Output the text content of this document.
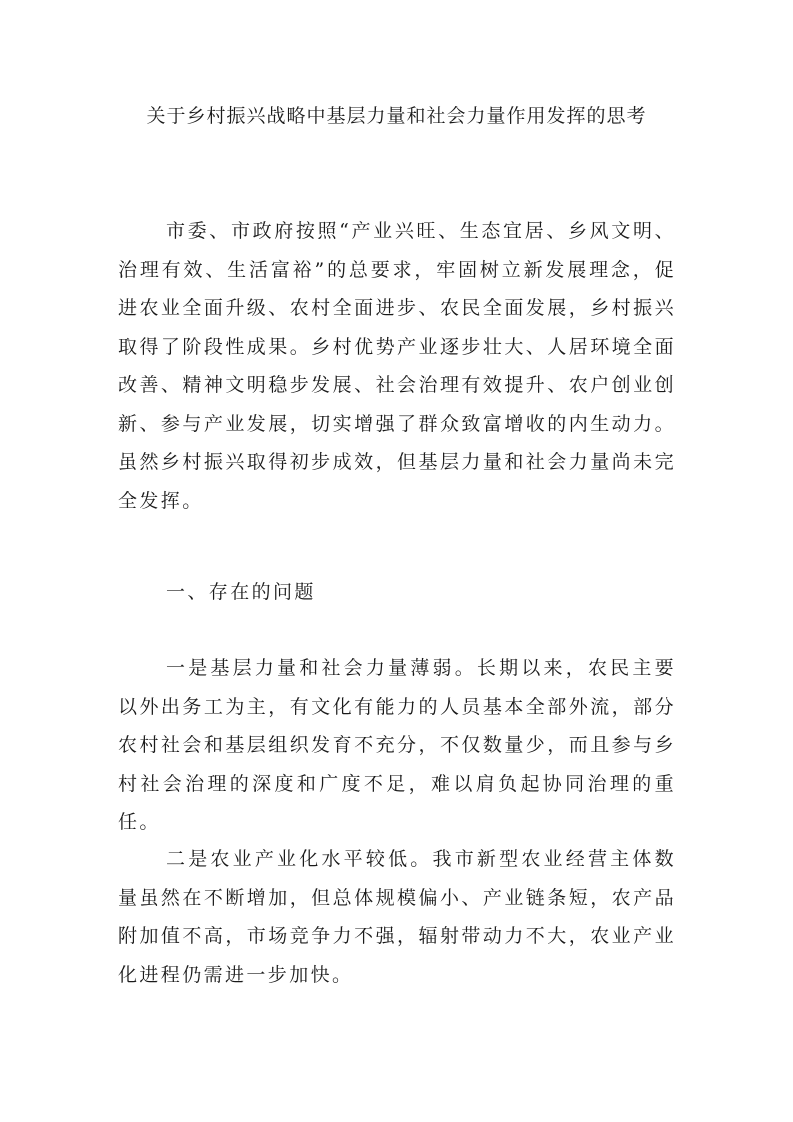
关于乡村振兴战略中基层力量和社会力量作用发挥的思考

市委、市政府按照“产业兴旺、生态宜居、乡风文明、治理有效、生活富裕”的总要求，牢固树立新发展理念，促进农业全面升级、农村全面进步、农民全面发展，乡村振兴取得了阶段性成果。乡村优势产业逐步壮大、人居环境全面改善、精神文明稳步发展、社会治理有效提升、农户创业创新、参与产业发展，切实增强了群众致富增收的内生动力。虽然乡村振兴取得初步成效，但基层力量和社会力量尚未完全发挥。

一、存在的问题

一是基层力量和社会力量薄弱。长期以来，农民主要以外出务工为主，有文化有能力的人员基本全部外流，部分农村社会和基层组织发育不充分，不仅数量少，而且参与乡村社会治理的深度和广度不足，难以肩负起协同治理的重任。

二是农业产业化水平较低。我市新型农业经营主体数量虽然在不断增加，但总体规模偏小、产业链条短，农产品附加值不高，市场竞争力不强，辐射带动力不大，农业产业化进程仍需进一步加快。
